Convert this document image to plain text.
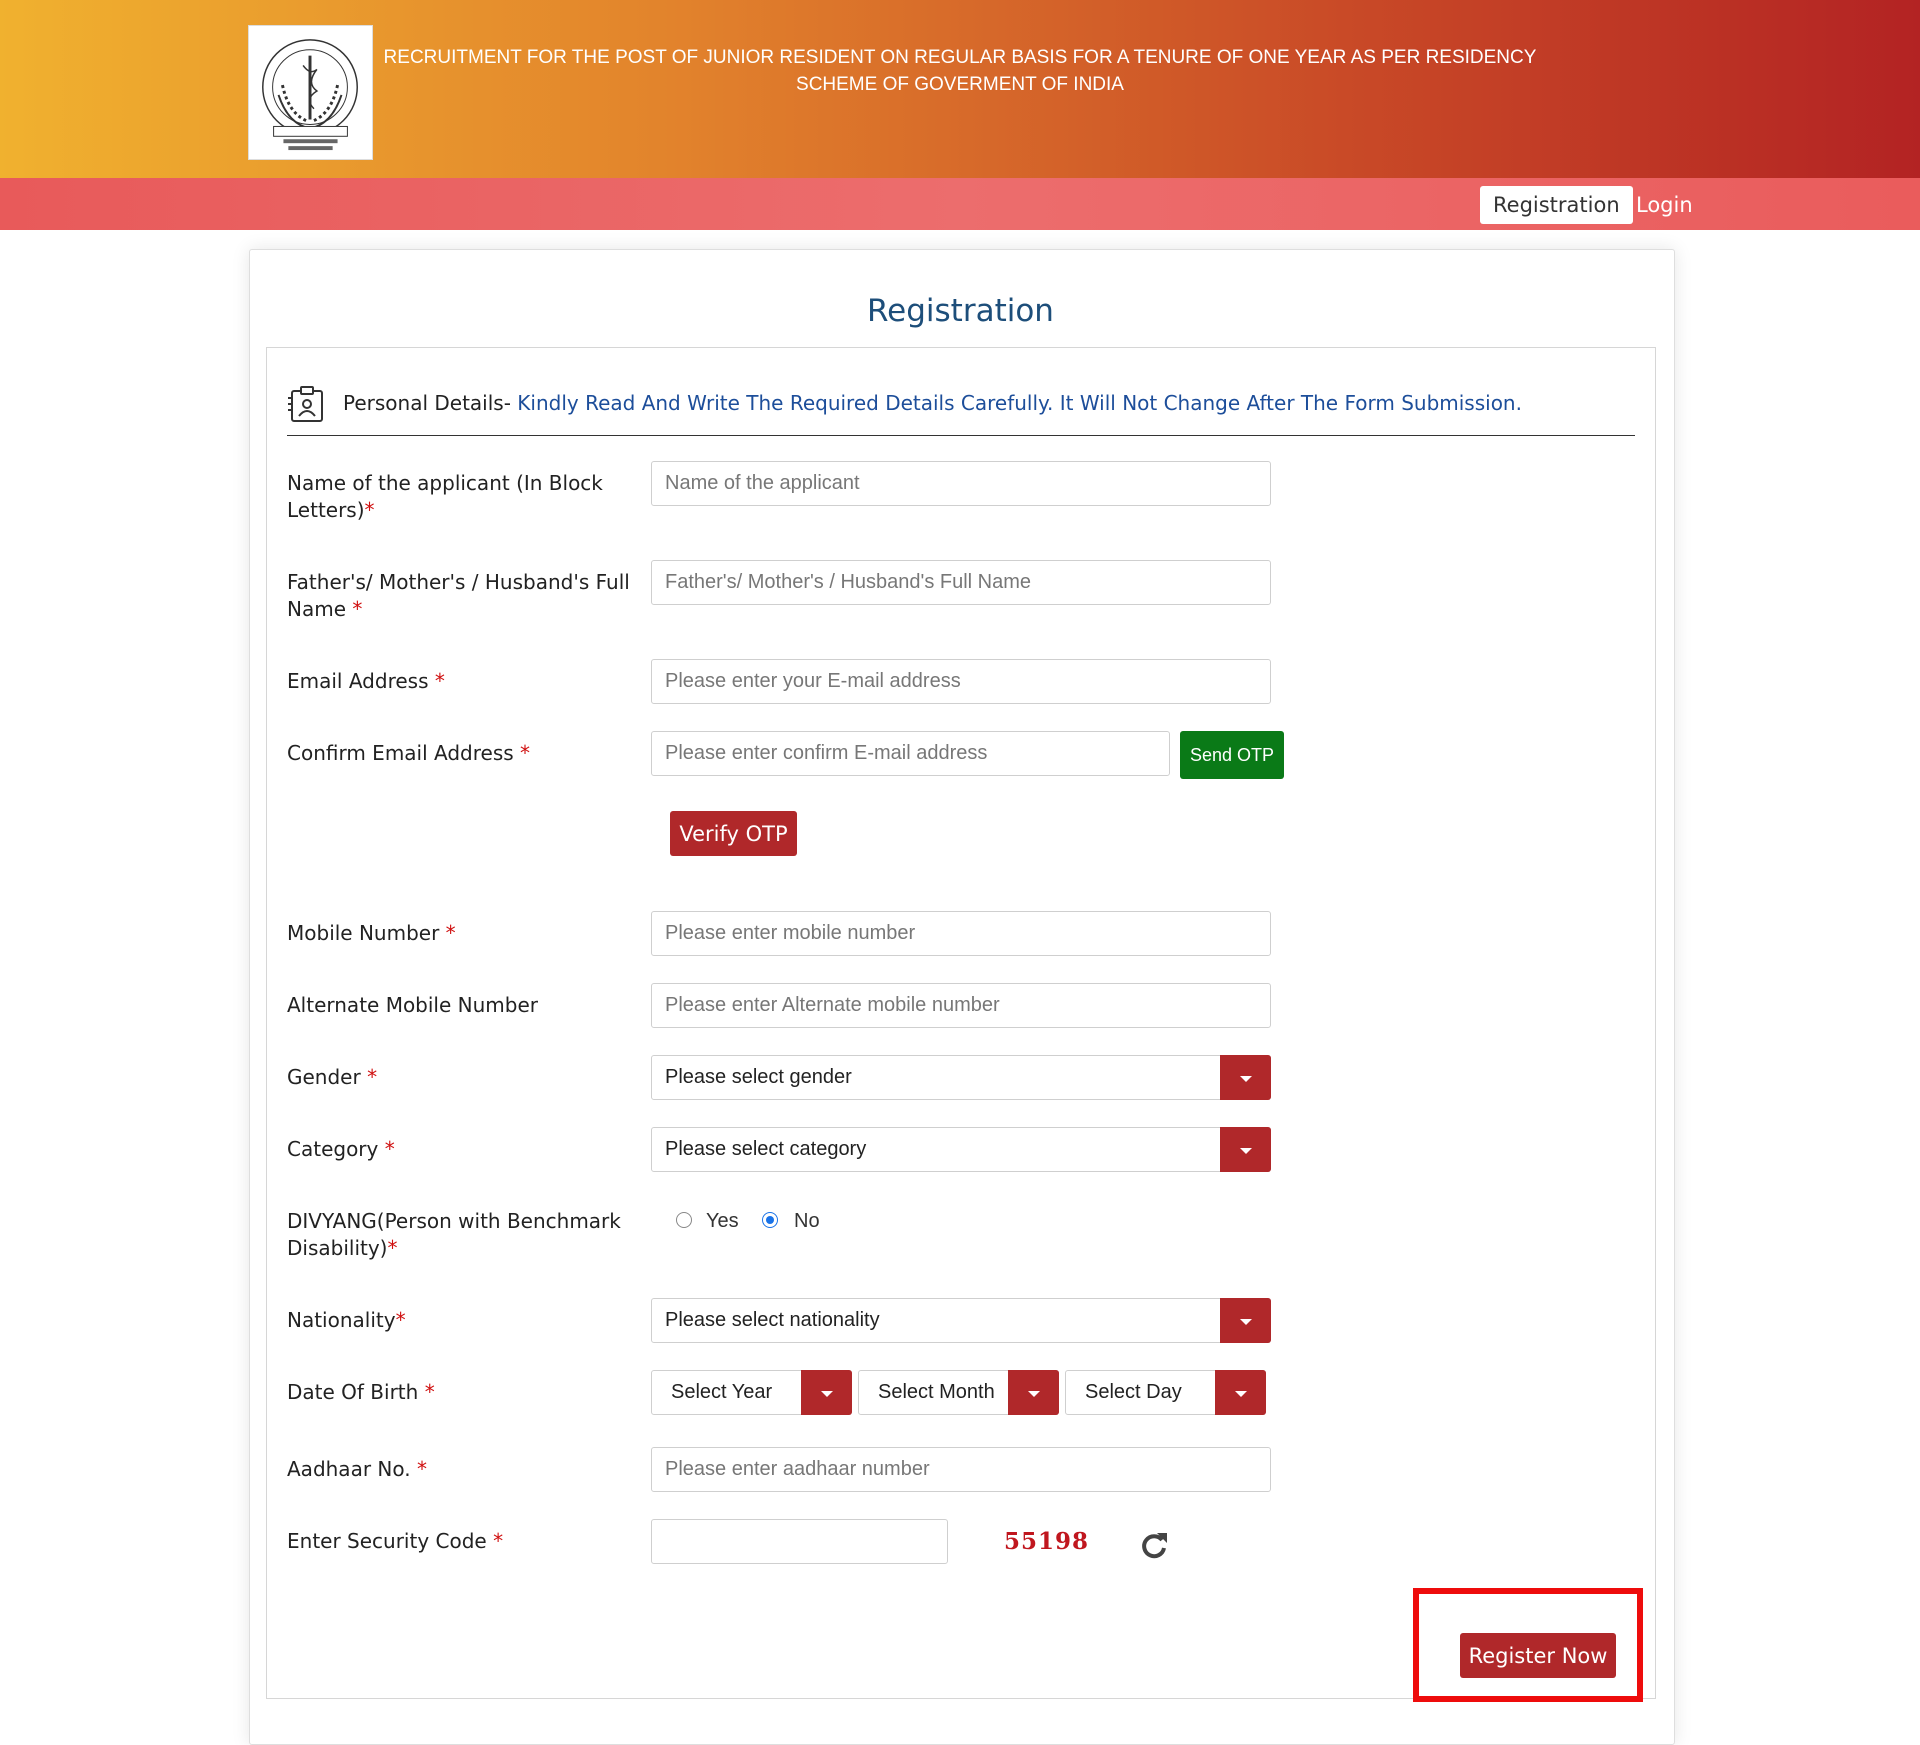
RECRUITMENT FOR THE POST OF JUNIOR RESIDENT ON REGULAR BASIS FOR A TENURE OF ONE YEAR AS PER RESIDENCY SCHEME OF GOVERMENT OF INDIA
Registration Login
Registration
Personal Details- Kindly Read And Write The Required Details Carefully. It Will Not Change After The Form Submission.
Name of the applicant (In Block Letters)*
Name of the applicant
Father's/ Mother's / Husband's Full Name *
Father's/ Mother's / Husband's Full Name
Email Address *
Please enter your E-mail address
Confirm Email Address *
Please enter confirm E-mail address	Send OTP
Verify OTP
Mobile Number *
Please enter mobile number
Alternate Mobile Number
Please enter Alternate mobile number
Gender *	Please select gender
Category *	Please select category
DIVYANG(Person with Benchmark Disability)*
Yes	No
Nationality*	Please select nationality
Date Of Birth *	Select Year	Select Month	Select Day
Aadhaar No. *
Please enter aadhaar number
Enter Security Code *	55198
Register Now
